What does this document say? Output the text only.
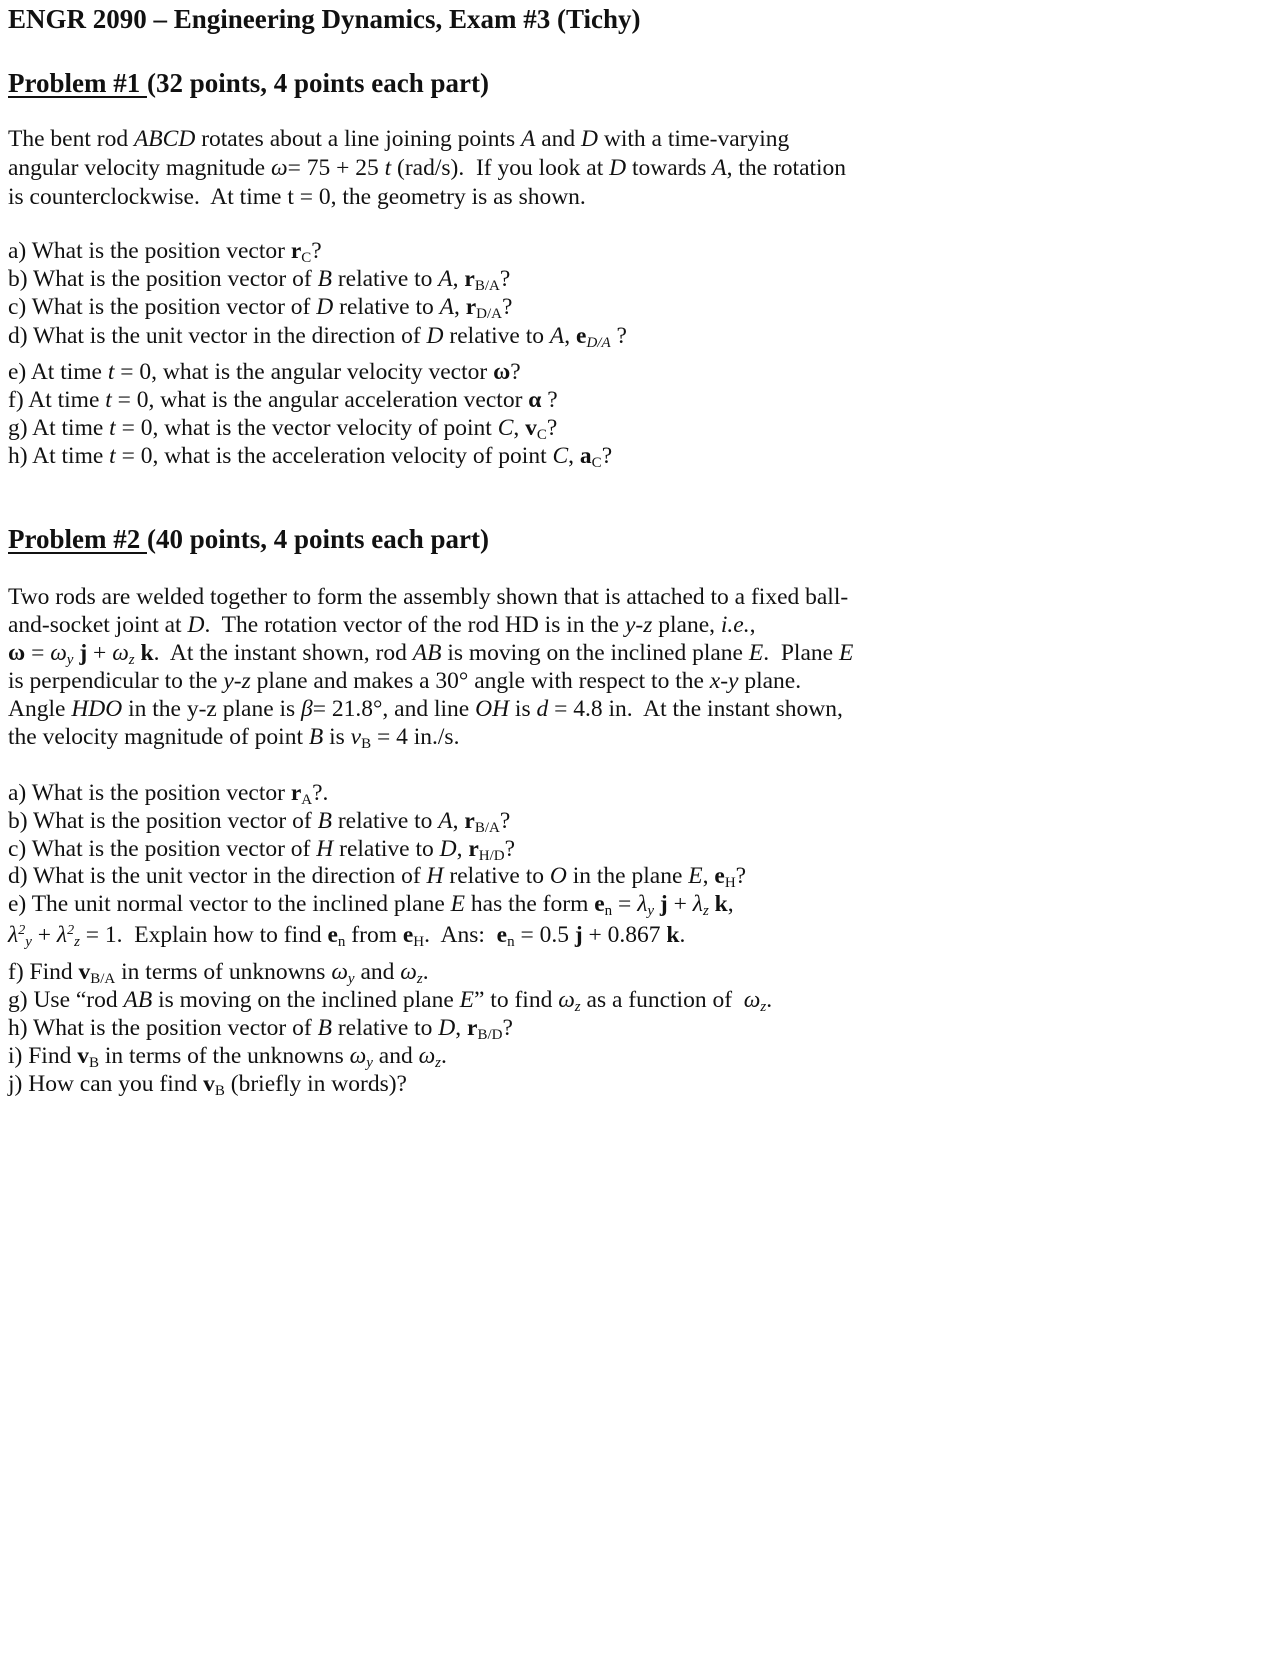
ENGR 2090 – Engineering Dynamics, Exam #3 (Tichy)
Problem #1 (32 points, 4 points each part)
The bent rod ABCD rotates about a line joining points A and D with a time-varying
angular velocity magnitude ω= 75 + 25 t (rad/s).  If you look at D towards A, the rotation
is counterclockwise.  At time t = 0, the geometry is as shown.
a) What is the position vector $r_C$?
b) What is the position vector of B relative to A, $r_{B/A}$?
c) What is the position vector of D relative to A, $r_{D/A}$?
d) What is the unit vector in the direction of D relative to A, $e_{D/A}$ ?
e) At time t = 0, what is the angular velocity vector ω?
f) At time t = 0, what is the angular acceleration vector α ?
g) At time t = 0, what is the vector velocity of point C, $v_C$?
h) At time t = 0, what is the acceleration velocity of point C, $a_C$?
Problem #2 (40 points, 4 points each part)
Two rods are welded together to form the assembly shown that is attached to a fixed ball-
and-socket joint at D.  The rotation vector of the rod HD is in the y-z plane, i.e.,
$\omega = \omega_y$ $j + \omega_z$ k.  At the instant shown, rod AB is moving on the inclined plane E.  Plane E
is perpendicular to the y-z plane and makes a 30° angle with respect to the x-y plane.
Angle HDO in the y-z plane is β= 21.8°, and line OH is d = 4.8 in.  At the instant shown,
the velocity magnitude of point B is $v_B = 4$ in./s.
a) What is the position vector $r_A$?.
b) What is the position vector of B relative to A, $r_{B/A}$?
c) What is the position vector of H relative to D, $r_{H/D}$?
d) What is the unit vector in the direction of H relative to O in the plane E, $e_H$?
e) The unit normal vector to the inclined plane E has the form $e_n = \lambda_y$ $j + \lambda_z$ k,
$\lambda^2_y + \lambda^2_z = 1$.  Explain how to find $e_n$ from $e_H$.  Ans:  $e_n = 0.5$ j + 0.867 k.
f) Find $v_{B/A}$ in terms of unknowns $\omega_y$ and $\omega_z$.
g) Use “rod AB is moving on the inclined plane E” to find $\omega_z$ as a function of  $\omega_z$.
h) What is the position vector of B relative to D, $r_{B/D}$?
i) Find $v_B$ in terms of the unknowns $\omega_y$ and $\omega_z$.
j) How can you find $v_B$ (briefly in words)?
